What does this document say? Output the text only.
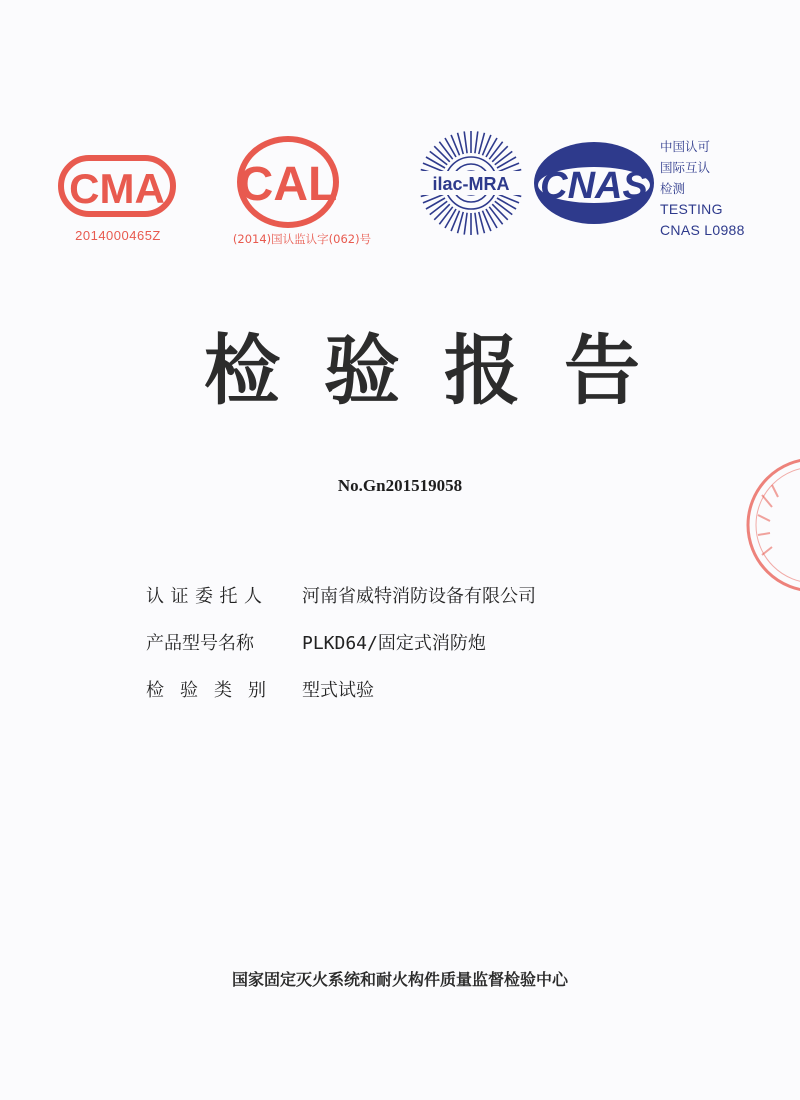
CMA
2014000465Z
CAL
(2014)国认监认字(062)号
ilac-MRA CNAS
中国认可
国际互认
检测
TESTING
CNAS L0988
检验报告
No.Gn201519058
认证委托人	河南省威特消防设备有限公司
产品型号名称	PLKD64/固定式消防炮
检验类别	型式试验
国家固定灭火系统和耐火构件质量监督检验中心
